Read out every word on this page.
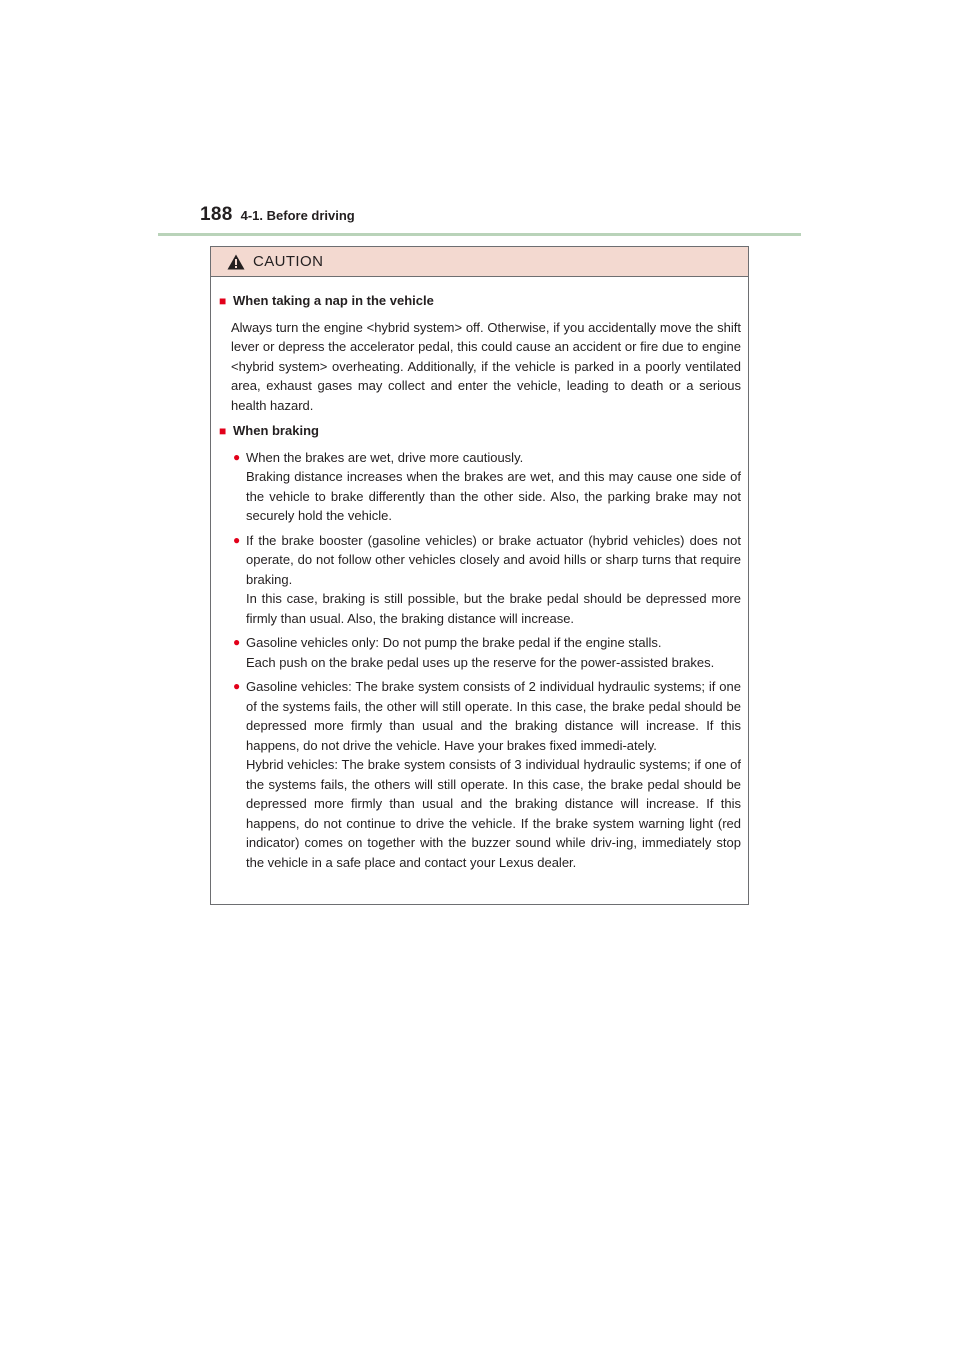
188 4-1. Before driving
CAUTION
■ When taking a nap in the vehicle
Always turn the engine <hybrid system> off. Otherwise, if you accidentally move the shift lever or depress the accelerator pedal, this could cause an accident or fire due to engine <hybrid system> overheating. Additionally, if the vehicle is parked in a poorly ventilated area, exhaust gases may collect and enter the vehicle, leading to death or a serious health hazard.
■ When braking
● When the brakes are wet, drive more cautiously.
Braking distance increases when the brakes are wet, and this may cause one side of the vehicle to brake differently than the other side. Also, the parking brake may not securely hold the vehicle.
● If the brake booster (gasoline vehicles) or brake actuator (hybrid vehicles) does not operate, do not follow other vehicles closely and avoid hills or sharp turns that require braking.
In this case, braking is still possible, but the brake pedal should be depressed more firmly than usual. Also, the braking distance will increase.
● Gasoline vehicles only: Do not pump the brake pedal if the engine stalls.
Each push on the brake pedal uses up the reserve for the power-assisted brakes.
● Gasoline vehicles: The brake system consists of 2 individual hydraulic systems; if one of the systems fails, the other will still operate. In this case, the brake pedal should be depressed more firmly than usual and the braking distance will increase. If this happens, do not drive the vehicle. Have your brakes fixed immedi-ately.
Hybrid vehicles: The brake system consists of 3 individual hydraulic systems; if one of the systems fails, the others will still operate. In this case, the brake pedal should be depressed more firmly than usual and the braking distance will increase. If this happens, do not continue to drive the vehicle. If the brake system warning light (red indicator) comes on together with the buzzer sound while driv-ing, immediately stop the vehicle in a safe place and contact your Lexus dealer.
